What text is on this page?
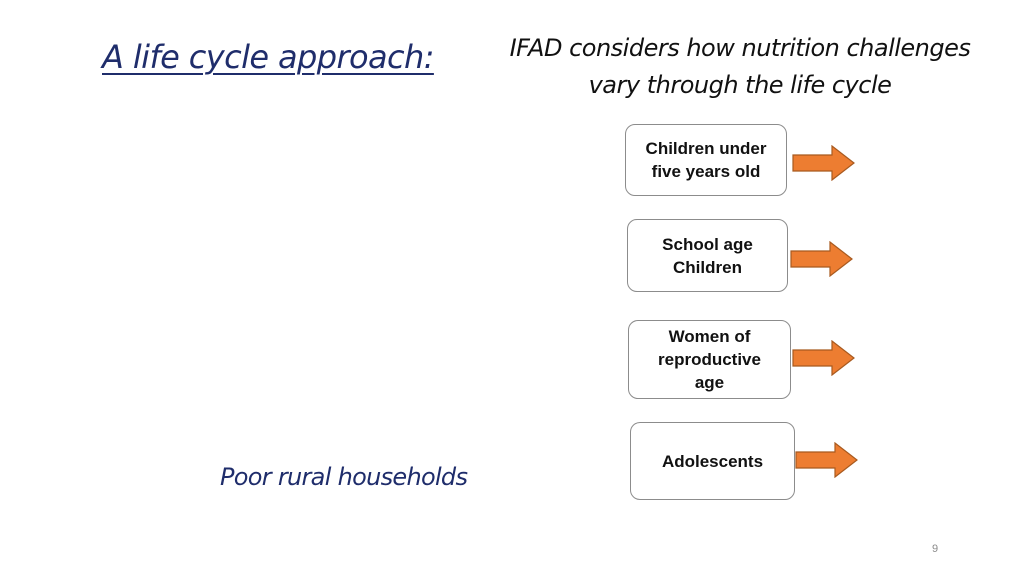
A life cycle approach:	IFAD considers how nutrition challenges
vary through the life cycle
Children under
five years old
School age
Children
Women of
reproductive
age
Adolescents
Poor rural households
9
